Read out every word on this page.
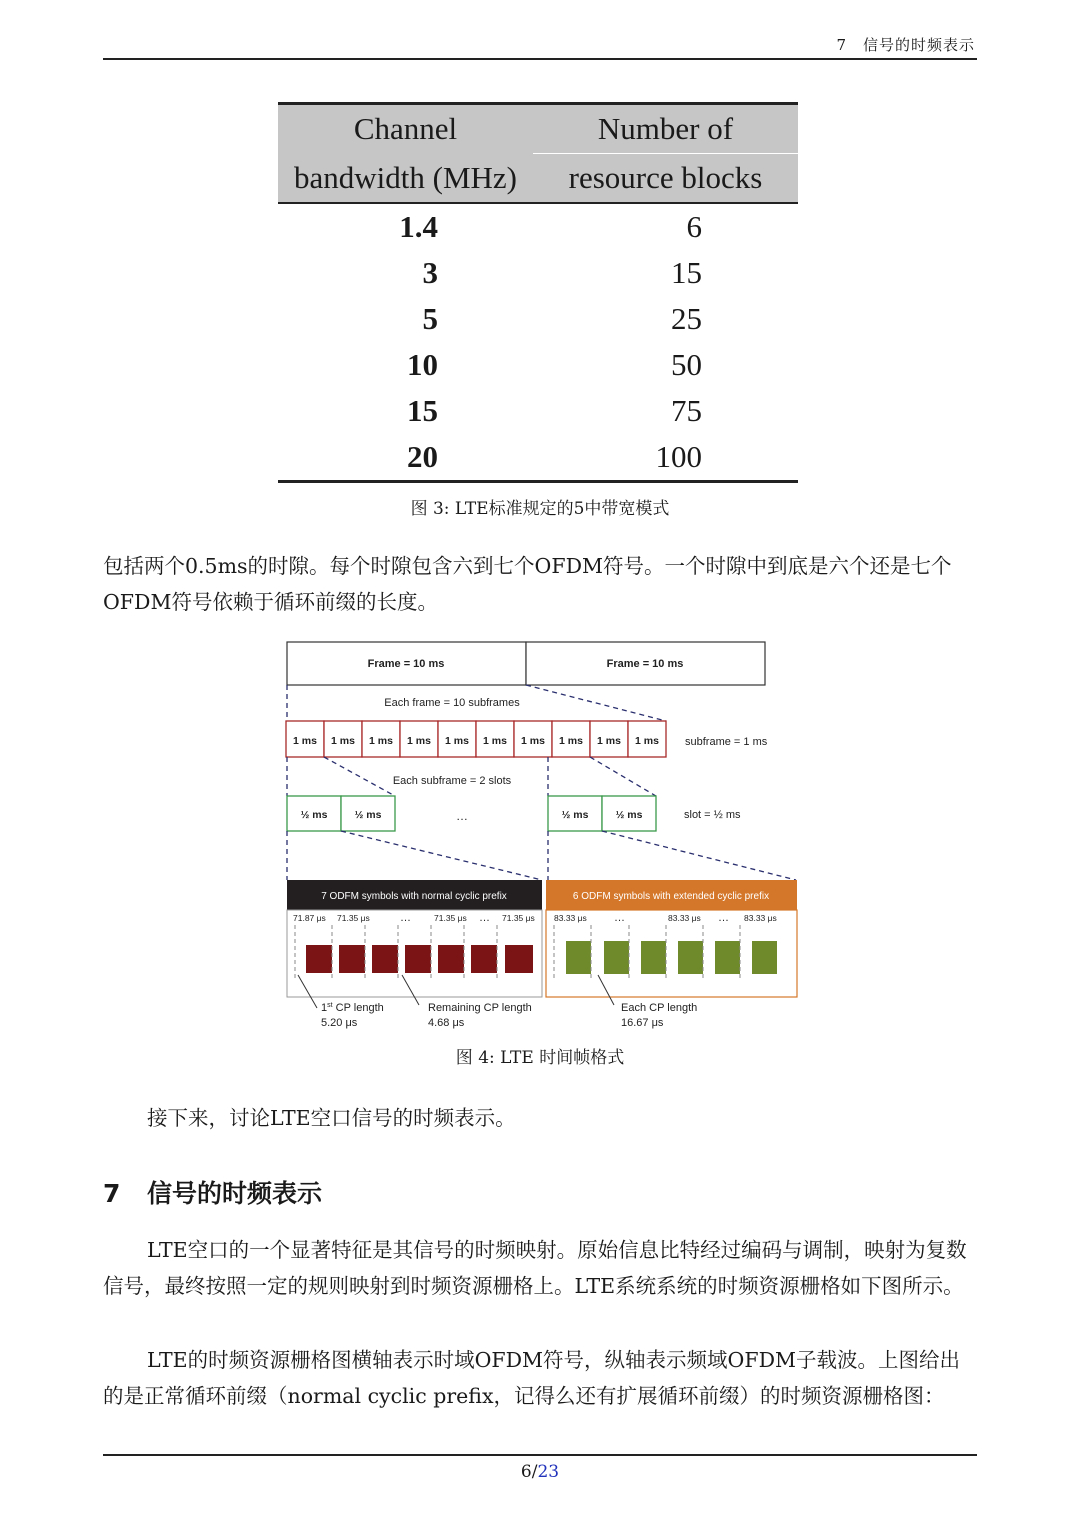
7　信号的时频表示
Channel	Number of
bandwidth (MHz)	resource blocks
1.4	6
3	15
5	25
10	50
15	75
20	100
图 3: LTE标准规定的5中带宽模式
包括两个0.5ms的时隙。每个时隙包含六到七个OFDM符号。一个时隙中到底是六个还是七个OFDM符号依赖于循环前缀的长度。
Frame = 10 ms	Frame = 10 ms
Each frame = 10 subframes
1 ms 1 ms 1 ms 1 ms 1 ms 1 ms 1 ms 1 ms 1 ms 1 ms subframe = 1 ms
Each subframe = 2 slots
½ ms	½ ms	½ ms	½ ms
…	slot = ½ ms
7 ODFM symbols with normal cyclic prefix
71.87 μs 71.35 μs	71.35 μs	71.35 μs
…	…
6 ODFM symbols with extended cyclic prefix
83.33 μs	83.33 μs	83.33 μs
…	…
1st CP length
5.20 μs
Remaining CP length
4.68 μs
Each CP length
16.67 μs
图 4: LTE 时间帧格式
接下来，讨论LTE空口信号的时频表示。
7 信号的时频表示
LTE空口的一个显著特征是其信号的时频映射。原始信息比特经过编码与调制，映射为复数信号，最终按照一定的规则映射到时频资源栅格上。LTE系统系统的时频资源栅格如下图所示。
LTE的时频资源栅格图横轴表示时域OFDM符号，纵轴表示频域OFDM子载波。上图给出的是正常循环前缀（normal cyclic prefix，记得么还有扩展循环前缀）的时频资源栅格图：
6/23
